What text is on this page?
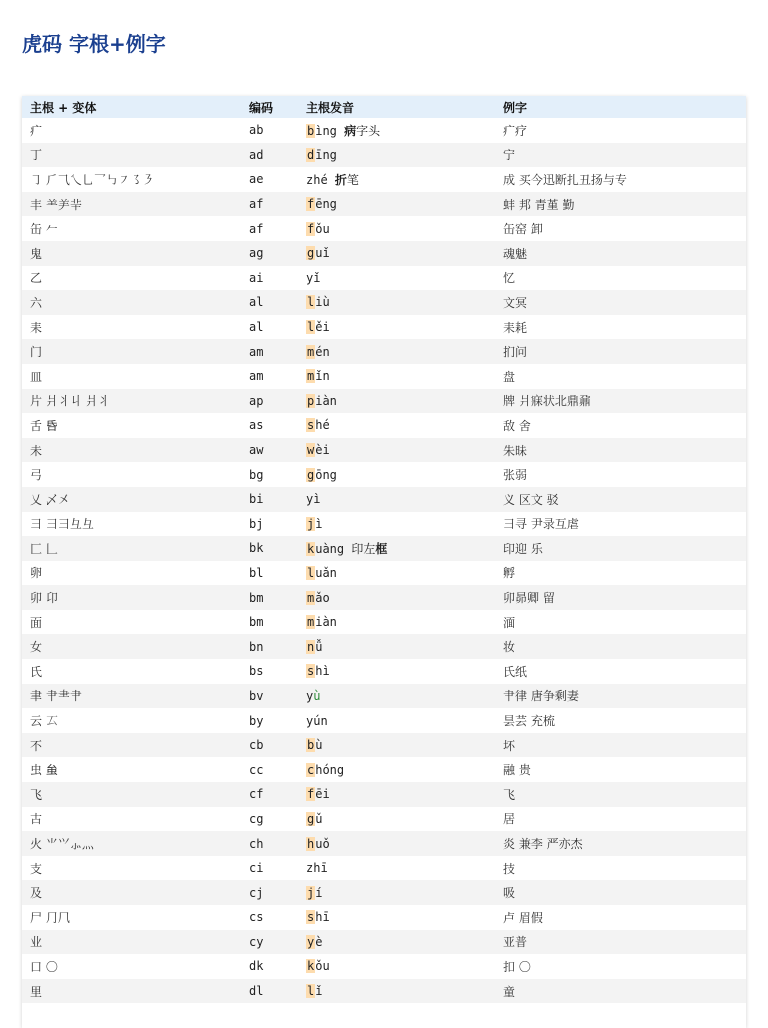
虎码 字根+例字
主根 + 变体	编码	主根发音	例字
疒	ab	bìng 病字头	疒疗
丁	ad	dīng	宁
㇆ ⺁⺄乀乚乛㇉㇇㇌㇋	ae	zhé 折笔	成 买今迅断扎丑扬与专
丰 ⺷⺶⺸	af	fēng	蚌 邦 青堇 勤
缶 𠂉	af	fǒu	缶窑 卸
鬼	ag	guǐ	魂魅
乙	ai	yǐ	忆
六	al	liù	文冥
耒	al	lěi	耒耗
门	am	mén	扪问
皿	am	mǐn	盘
片 爿丬丩 爿丬	ap	piàn	牌 爿寐状北鼎鼐
舌 𠯑	as	shé	敌 舍
未	aw	wèi	朱昧
弓	bg	gōng	张弱
乂 乄㐅	bi	yì	义 区文 驳
彐 彐⺕彑⺔	bj	jì	彐寻 尹录互虐
匚 𠃊	bk	kuàng 印左框	印迎 乐
卵	bl	luǎn	孵
卯 卬	bm	mǎo	卯昴卿 留
面	bm	miàn	湎
女	bn	nǚ	妆
氏	bs	shì	氏纸
聿 ⺺⺻⺺	bv	yù	肀律 唐争剩妻
云 𠫔	by	yún	昙芸 充梳
不	cb	bù	坏
虫 𧈧	cc	chóng	融 贵
飞	cf	fēi	飞
古	cg	gǔ	居
火 ⺌⺍⺗灬	ch	huǒ	炎 兼李 严亦杰
支	ci	zhī	技
及	cj	jí	吸
尸 ⺆⺇	cs	shī	卢 眉假
业	cy	yè	亚普
口 〇	dk	kǒu	扣 〇
里	dl	lǐ	童
